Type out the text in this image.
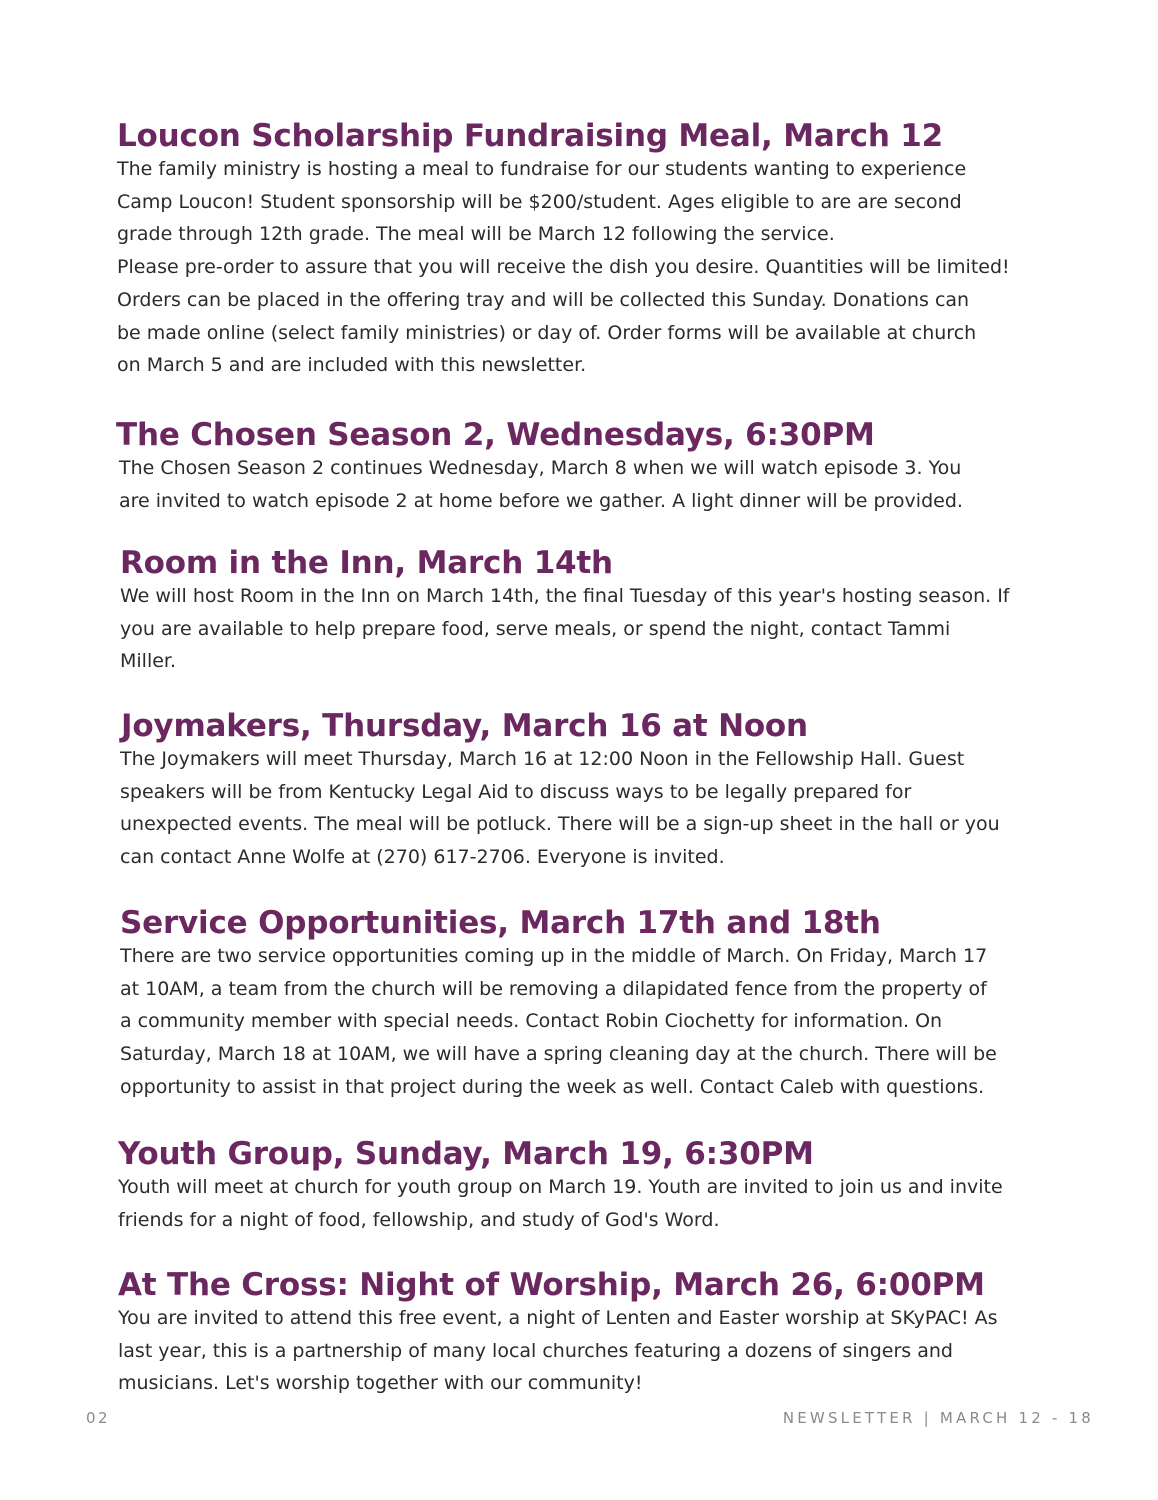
Loucon Scholarship Fundraising Meal, March 12
The family ministry is hosting a meal to fundraise for our students wanting to experience
Camp Loucon! Student sponsorship will be $200/student. Ages eligible to are are second
grade through 12th grade. The meal will be March 12 following the service.
Please pre-order to assure that you will receive the dish you desire. Quantities will be limited!
Orders can be placed in the offering tray and will be collected this Sunday. Donations can
be made online (select family ministries) or day of. Order forms will be available at church
on March 5 and are included with this newsletter.
The Chosen Season 2, Wednesdays, 6:30PM
The Chosen Season 2 continues Wednesday, March 8 when we will watch episode 3. You
are invited to watch episode 2 at home before we gather. A light dinner will be provided.
Room in the Inn, March 14th
We will host Room in the Inn on March 14th, the final Tuesday of this year's hosting season. If
you are available to help prepare food, serve meals, or spend the night, contact Tammi
Miller.
Joymakers, Thursday, March 16 at Noon
The Joymakers will meet Thursday, March 16 at 12:00 Noon in the Fellowship Hall. Guest
speakers will be from Kentucky Legal Aid to discuss ways to be legally prepared for
unexpected events. The meal will be potluck. There will be a sign-up sheet in the hall or you
can contact Anne Wolfe at (270) 617-2706. Everyone is invited.
Service Opportunities, March 17th and 18th
There are two service opportunities coming up in the middle of March. On Friday, March 17
at 10AM, a team from the church will be removing a dilapidated fence from the property of
a community member with special needs. Contact Robin Ciochetty for information. On
Saturday, March 18 at 10AM, we will have a spring cleaning day at the church. There will be
opportunity to assist in that project during the week as well. Contact Caleb with questions.
Youth Group, Sunday, March 19, 6:30PM
Youth will meet at church for youth group on March 19. Youth are invited to join us and invite
friends for a night of food, fellowship, and study of God's Word.
At The Cross: Night of Worship, March 26, 6:00PM
You are invited to attend this free event, a night of Lenten and Easter worship at SKyPAC! As
last year, this is a partnership of many local churches featuring a dozens of singers and
musicians. Let's worship together with our community!
02	NEWSLETTER | MARCH 12 - 18
